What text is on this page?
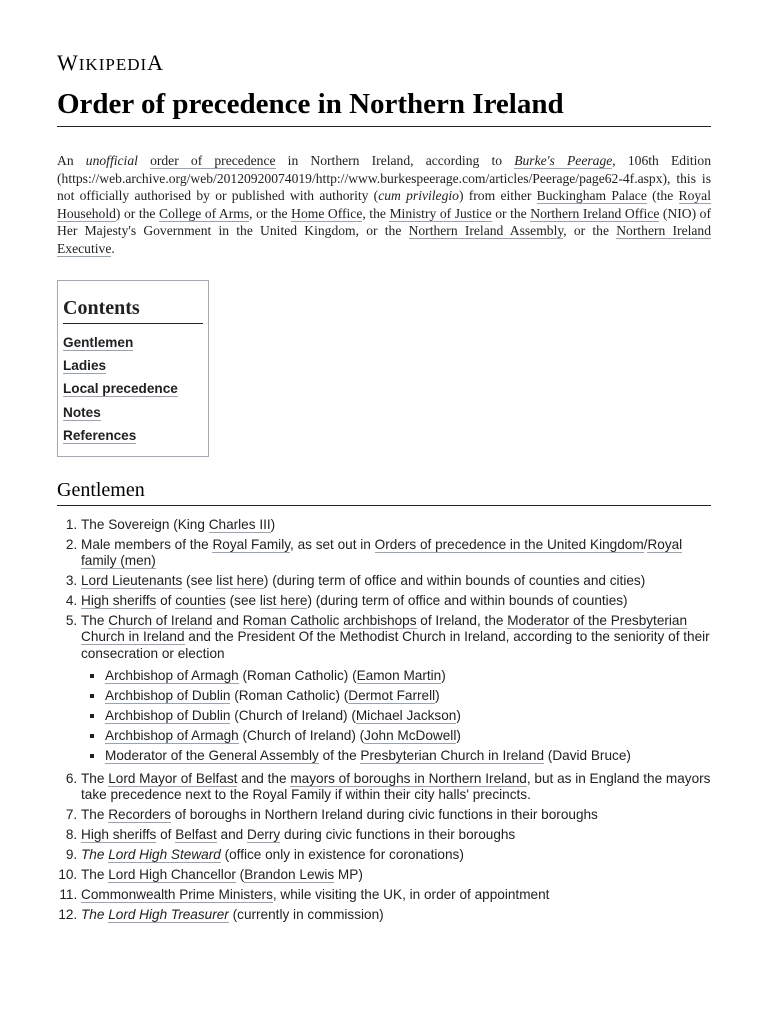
WIKIPEDIA
Order of precedence in Northern Ireland

An unofficial order of precedence in Northern Ireland, according to Burke's Peerage, 106th Edition (https://web.archive.org/web/20120920074019/http://www.burkespeerage.com/articles/Peerage/page62-4f.aspx), this is not officially authorised by or published with authority (cum privilegio) from either Buckingham Palace (the Royal Household) or the College of Arms, or the Home Office, the Ministry of Justice or the Northern Ireland Office (NIO) of Her Majesty's Government in the United Kingdom, or the Northern Ireland Assembly, or the Northern Ireland Executive.

Contents
Gentlemen
Ladies
Local precedence
Notes
References
Gentlemen
1. The Sovereign (King Charles III)
2. Male members of the Royal Family, as set out in Orders of precedence in the United Kingdom/Royal family (men)
3. Lord Lieutenants (see list here) (during term of office and within bounds of counties and cities)
4. High sheriffs of counties (see list here) (during term of office and within bounds of counties)
5. The Church of Ireland and Roman Catholic archbishops of Ireland, the Moderator of the Presbyterian Church in Ireland and the President Of the Methodist Church in Ireland, according to the seniority of their consecration or election
▪ Archbishop of Armagh (Roman Catholic) (Eamon Martin)
▪ Archbishop of Dublin (Roman Catholic) (Dermot Farrell)
▪ Archbishop of Dublin (Church of Ireland) (Michael Jackson)
▪ Archbishop of Armagh (Church of Ireland) (John McDowell)
▪ Moderator of the General Assembly of the Presbyterian Church in Ireland (David Bruce)
6. The Lord Mayor of Belfast and the mayors of boroughs in Northern Ireland, but as in England the mayors take precedence next to the Royal Family if within their city halls' precincts.
7. The Recorders of boroughs in Northern Ireland during civic functions in their boroughs
8. High sheriffs of Belfast and Derry during civic functions in their boroughs
9. The Lord High Steward (office only in existence for coronations)
10. The Lord High Chancellor (Brandon Lewis MP)
11. Commonwealth Prime Ministers, while visiting the UK, in order of appointment
12. The Lord High Treasurer (currently in commission)
